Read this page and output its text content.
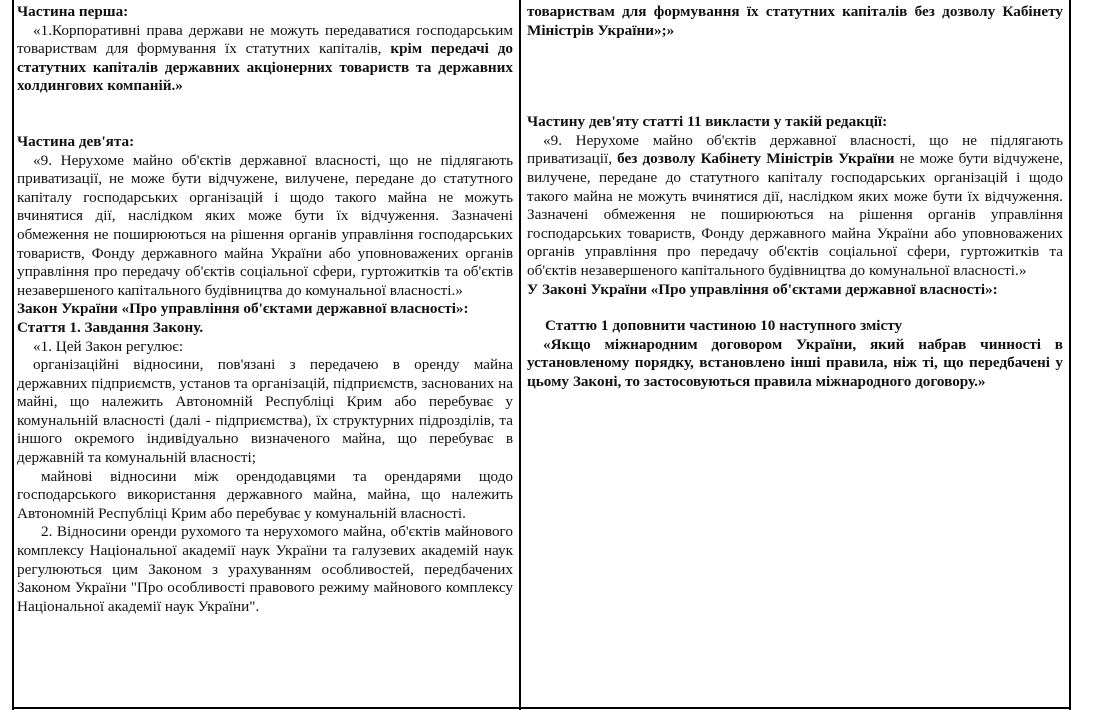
Частина перша:

«1.Корпоративні права держави не можуть передаватися господарським товариствам для формування їх статутних капіталів, крім передачі до статутних капіталів державних акціонерних товариств та державних холдингових компаній.»

Частина дев'ята:

«9. Нерухоме майно об'єктів державної власності, що не підлягають приватизації, не може бути відчужене, вилучене, передане до статутного капіталу господарських організацій і щодо такого майна не можуть вчинятися дії, наслідком яких може бути їх відчуження. Зазначені обмеження не поширюються на рішення органів управління господарських товариств, Фонду державного майна України або уповноважених органів управління про передачу об'єктів соціальної сфери, гуртожитків та об'єктів незавершеного капітального будівництва до комунальної власності.»

Закон України «Про управління об'єктами державної власності»:

Стаття 1. Завдання Закону.

«1. Цей Закон регулює:

організаційні відносини, пов'язані з передачею в оренду майна державних підприємств, установ та організацій, підприємств, заснованих на майні, що належить Автономній Республіці Крим або перебуває у комунальній власності (далі - підприємства), їх структурних підрозділів, та іншого окремого індивідуально визначеного майна, що перебуває в державній та комунальній власності;

майнові відносини між орендодавцями та орендарями щодо господарського використання державного майна, майна, що належить Автономній Республіці Крим або перебуває у комунальній власності.

2. Відносини оренди рухомого та нерухомого майна, об'єктів майнового комплексу Національної академії наук України та галузевих академій наук регулюються цим Законом з урахуванням особливостей, передбачених Законом України "Про особливості правового режиму майнового комплексу Національної академії наук України".

товариствам для формування їх статутних капіталів без дозволу Кабінету Міністрів України»;»

Частину дев'яту статті 11 викласти у такій редакції:

«9. Нерухоме майно об'єктів державної власності, що не підлягають приватизації, без дозволу Кабінету Міністрів України не може бути відчужене, вилучене, передане до статутного капіталу господарських організацій і щодо такого майна не можуть вчинятися дії, наслідком яких може бути їх відчуження. Зазначені обмеження не поширюються на рішення органів управління господарських товариств, Фонду державного майна України або уповноважених органів управління про передачу об'єктів соціальної сфери, гуртожитків та об'єктів незавершеного капітального будівництва до комунальної власності.»

У Законі України «Про управління об'єктами державної власності»:

Статтю 1 доповнити частиною 10 наступного змісту

«Якщо міжнародним договором України, який набрав чинності в установленому порядку, встановлено інші правила, ніж ті, що передбачені у цьому Законі, то застосовуються правила міжнародного договору.»
